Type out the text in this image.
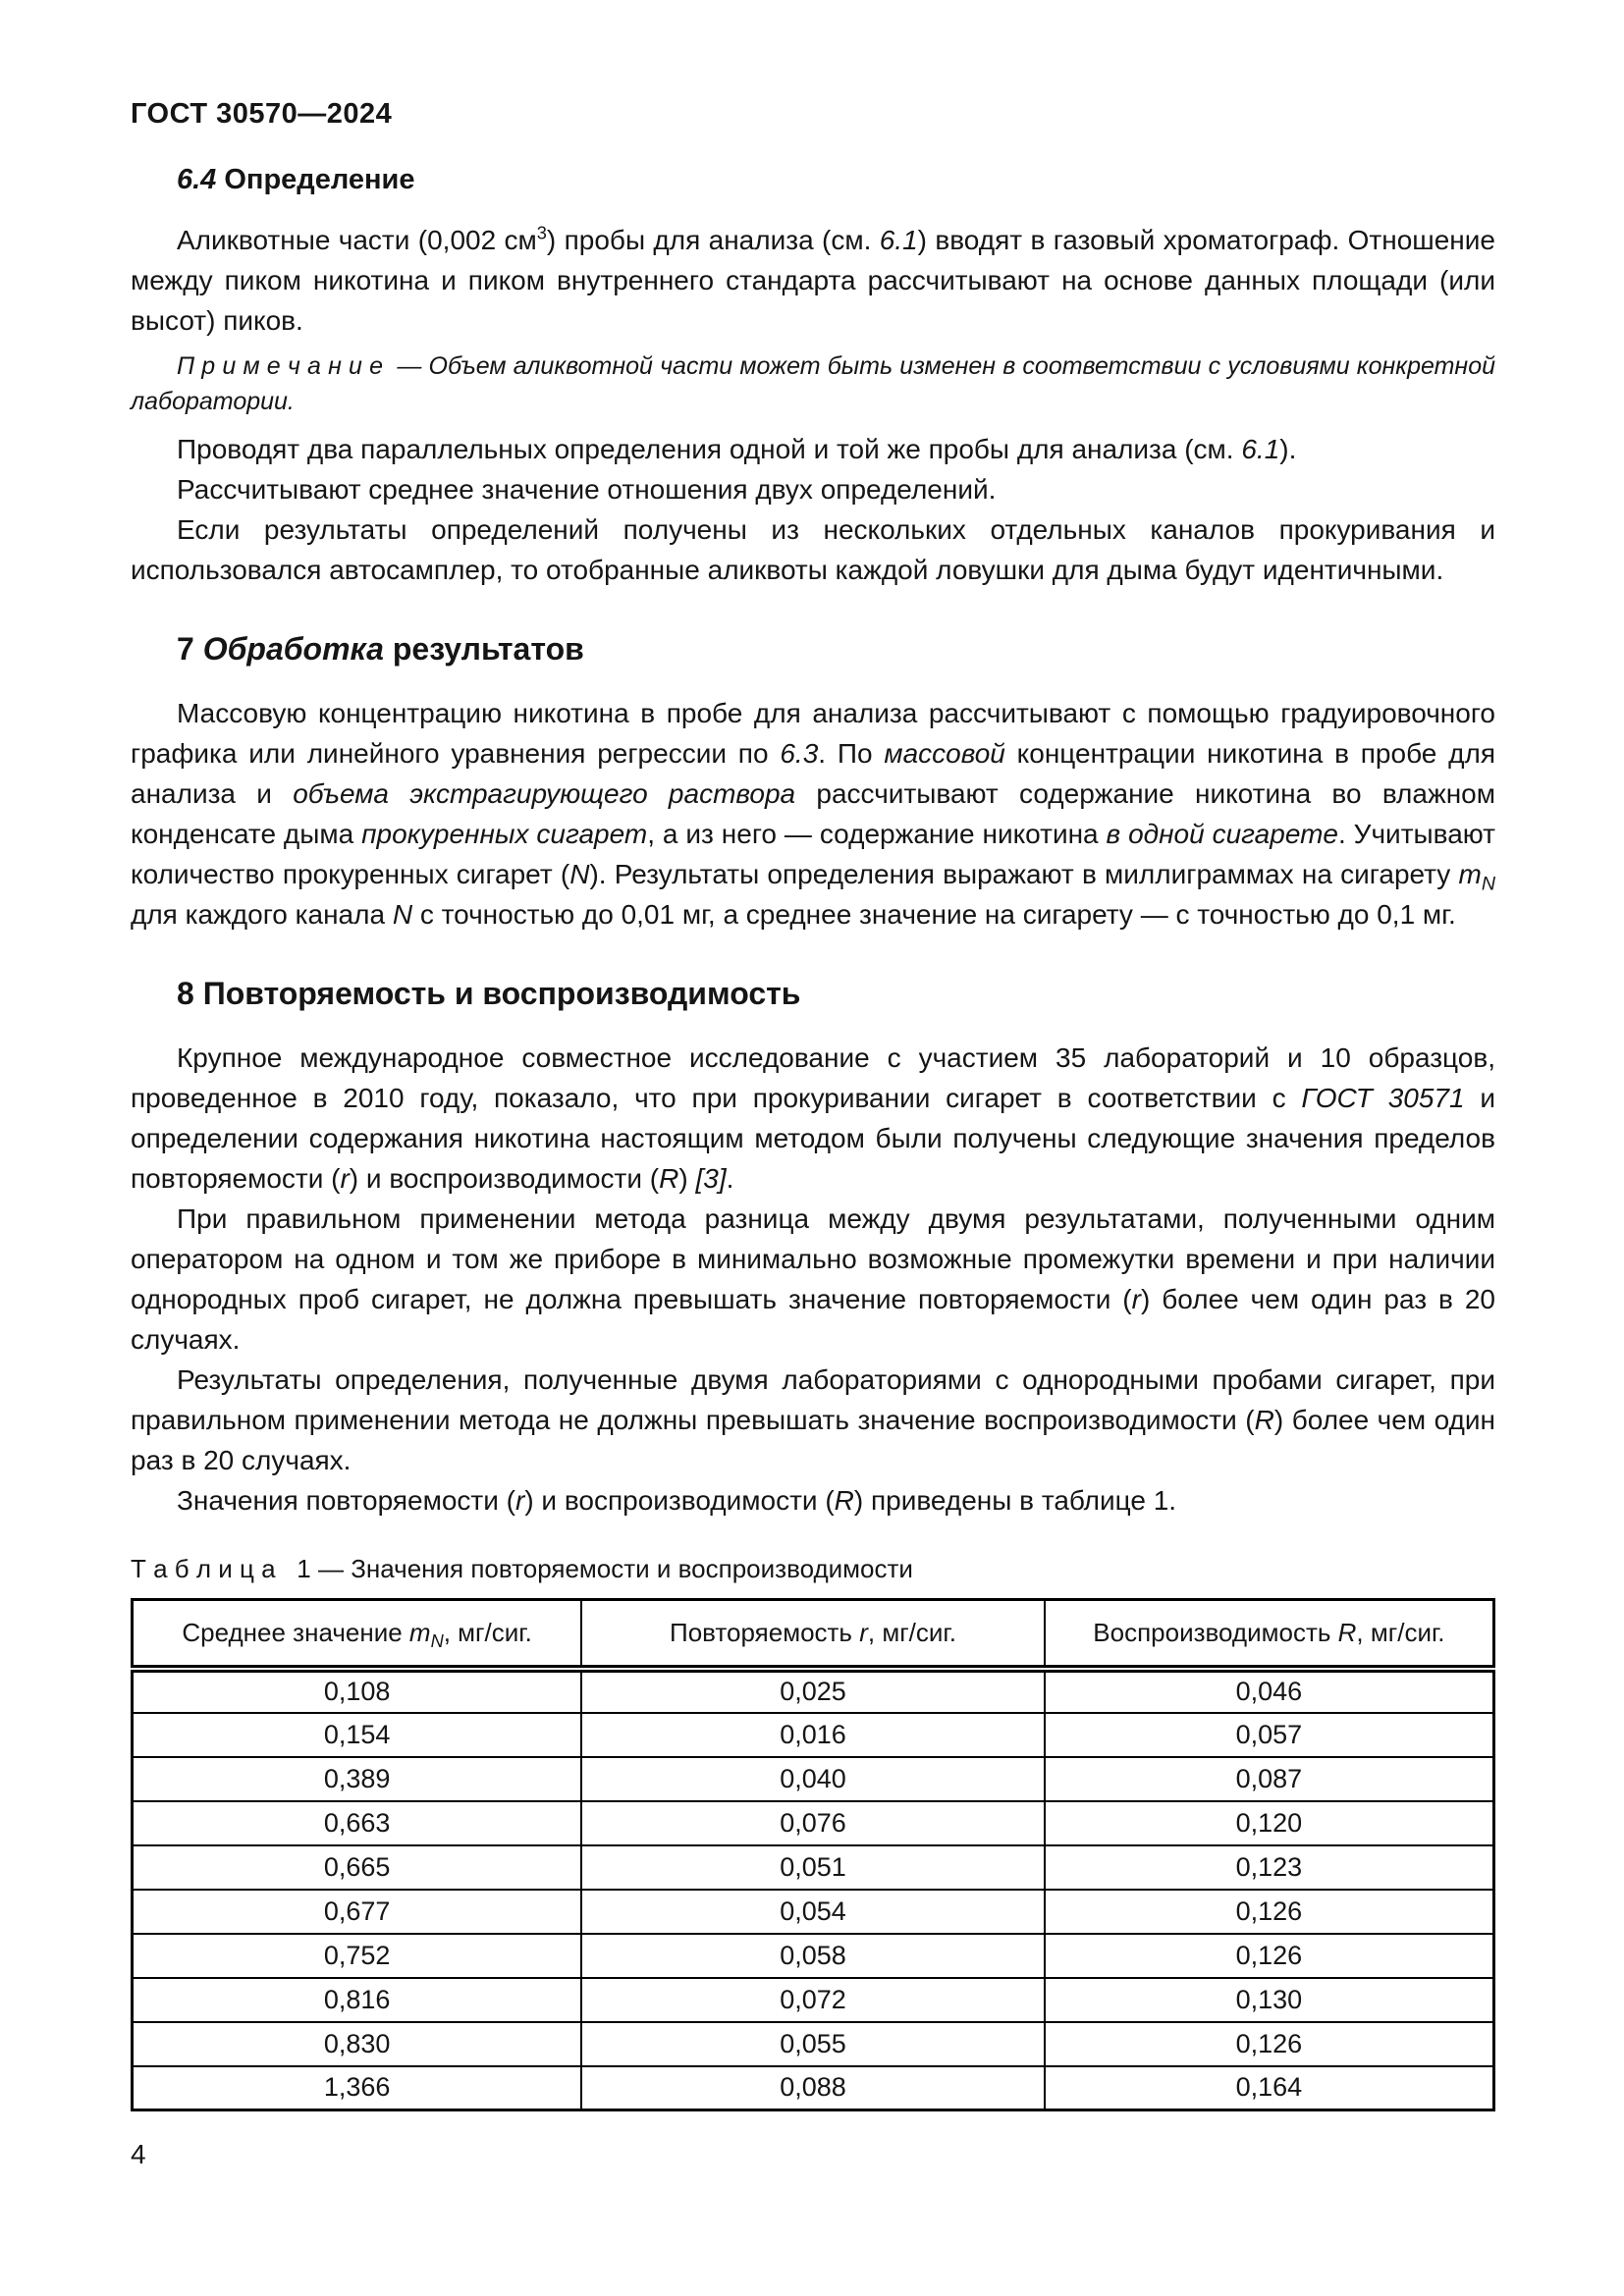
ГОСТ 30570—2024
6.4 Определение

Аликвотные части (0,002 $см^3$) пробы для анализа (см. 6.1) вводят в газовый хроматограф. Отношение между пиком никотина и пиком внутреннего стандарта рассчитывают на основе данных площади (или высот) пиков.

П р и м е ч а н и е  — Объем аликвотной части может быть изменен в соответствии с условиями конкретной лаборатории.

Проводят два параллельных определения одной и той же пробы для анализа (см. 6.1).

Рассчитывают среднее значение отношения двух определений.

Если результаты определений получены из нескольких отдельных каналов прокуривания и использовался автосамплер, то отобранные аликвоты каждой ловушки для дыма будут идентичными.

7 Обработка результатов

Массовую концентрацию никотина в пробе для анализа рассчитывают с помощью градуировочного графика или линейного уравнения регрессии по 6.3. По массовой концентрации никотина в пробе для анализа и объема экстрагирующего раствора рассчитывают содержание никотина во влажном конденсате дыма прокуренных сигарет, а из него — содержание никотина в одной сигарете. Учитывают количество прокуренных сигарет (N). Результаты определения выражают в миллиграммах на сигарету $m_N$ для каждого канала N с точностью до 0,01 мг, а среднее значение на сигарету — с точностью до 0,1 мг.

8 Повторяемость и воспроизводимость

Крупное международное совместное исследование с участием 35 лабораторий и 10 образцов, проведенное в 2010 году, показало, что при прокуривании сигарет в соответствии с ГОСТ 30571 и определении содержания никотина настоящим методом были получены следующие значения пределов повторяемости (r) и воспроизводимости (R) [3].

При правильном применении метода разница между двумя результатами, полученными одним оператором на одном и том же приборе в минимально возможные промежутки времени и при наличии однородных проб сигарет, не должна превышать значение повторяемости (r) более чем один раз в 20 случаях.

Результаты определения, полученные двумя лабораториями с однородными пробами сигарет, при правильном применении метода не должны превышать значение воспроизводимости (R) более чем один раз в 20 случаях.

Значения повторяемости (r) и воспроизводимости (R) приведены в таблице 1.

Т а б л и ц а   1 — Значения повторяемости и воспроизводимости

Среднее значение $m_N$, мг/сиг.	Повторяемость r, мг/сиг.	Воспроизводимость R, мг/сиг.
0,108	0,025	0,046
0,154	0,016	0,057
0,389	0,040	0,087
0,663	0,076	0,120
0,665	0,051	0,123
0,677	0,054	0,126
0,752	0,058	0,126
0,816	0,072	0,130
0,830	0,055	0,126
1,366	0,088	0,164
4
